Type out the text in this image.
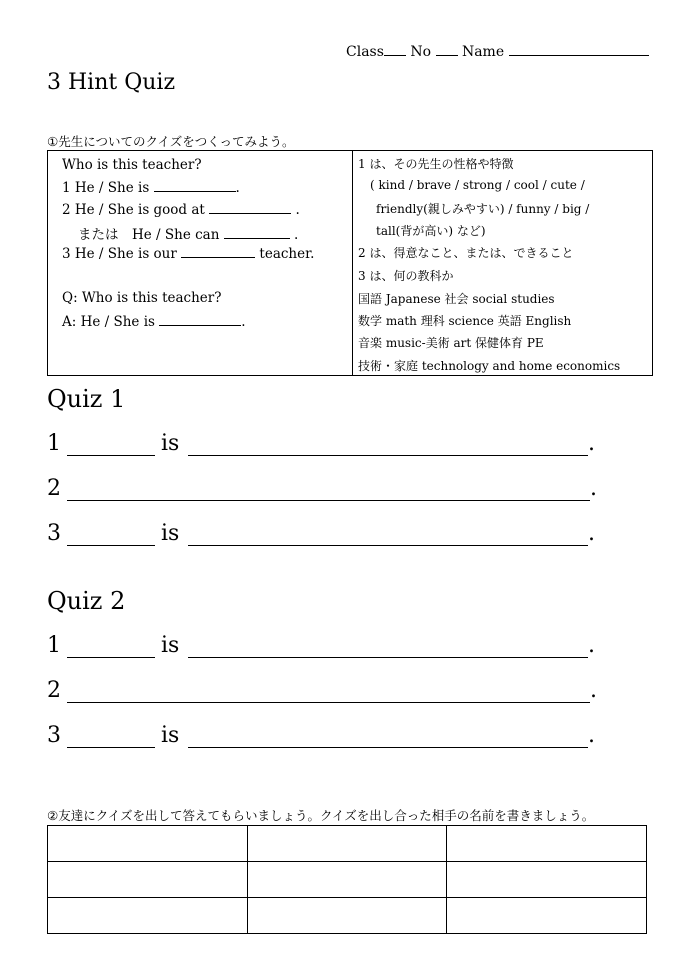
Class No Name
3 Hint Quiz
①先生についてのクイズをつくってみよう。
Who is this teacher?
1 He / She is	.
2 He / She is good at	.
または　He / She can	.
3 He / She is our	teacher.
Q: Who is this teacher?
A: He / She is	.
1 は、その先生の性格や特徴
( kind / brave / strong / cool / cute /
friendly(親しみやすい) / funny / big /
tall(背が高い) など)
2 は、得意なこと、または、できること
3 は、何の教科か
国語 Japanese 社会 social studies
数学 math 理科 science 英語 English
音楽 music-美術 art 保健体育 PE
技術・家庭 technology and home economics
Quiz 1
1	is	.
2	.
3	is	.
Quiz 2
1	is	.
2	.
3	is	.
②友達にクイズを出して答えてもらいましょう。クイズを出し合った相手の名前を書きましょう。
